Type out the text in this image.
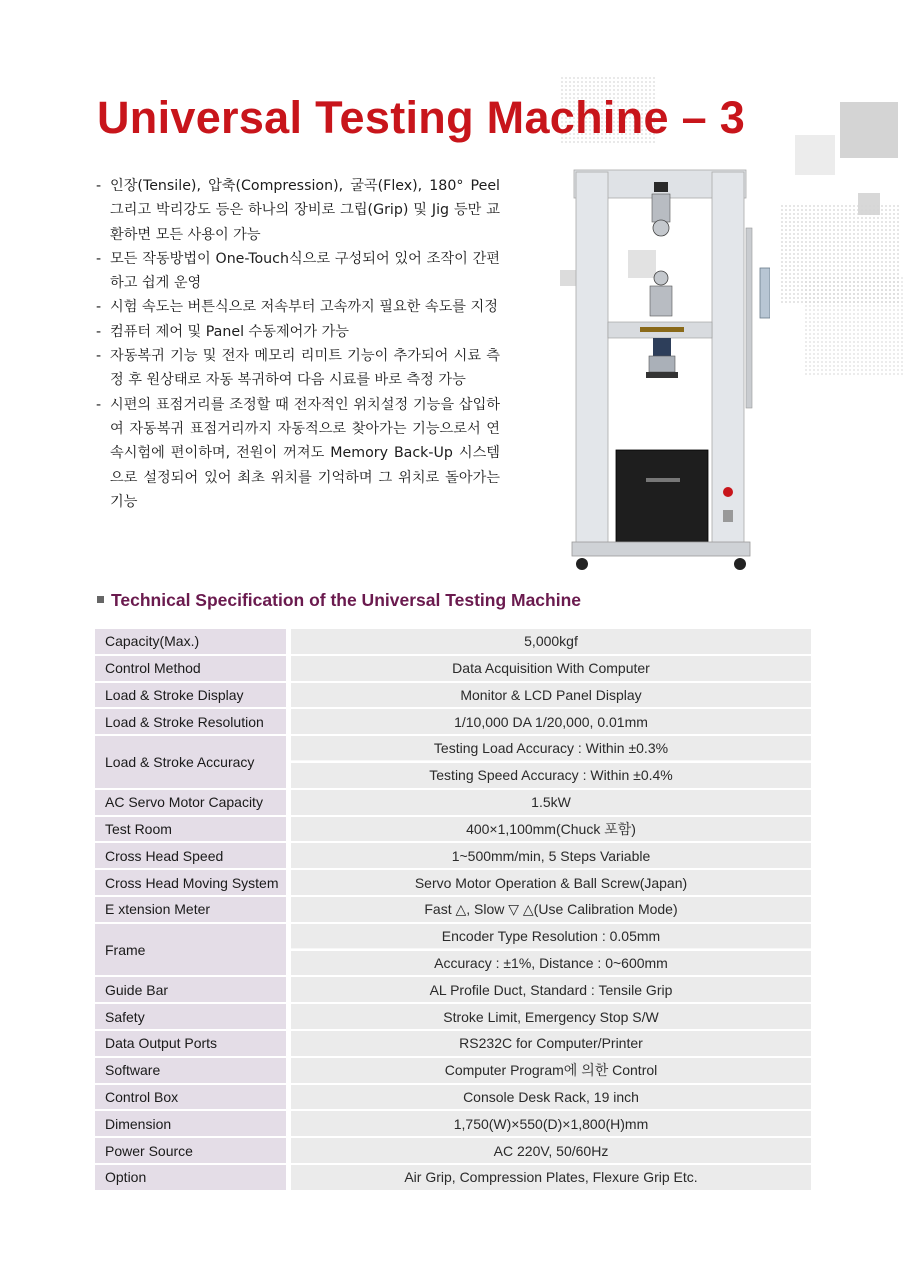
Universal Testing Machine – 3
- 인장(Tensile), 압축(Compression), 굴곡(Flex), 180° Peel 그리고 박리강도 등은 하나의 장비로 그립(Grip) 및 Jig 등만 교환하면 모든 사용이 가능
- 모든 작동방법이 One-Touch식으로 구성되어 있어 조작이 간편하고 쉽게 운영
- 시험 속도는 버튼식으로 저속부터 고속까지 필요한 속도를 지정
- 컴퓨터 제어 및 Panel 수동제어가 가능
- 자동복귀 기능 및 전자 메모리 리미트 기능이 추가되어 시료 측정 후 원상태로 자동 복귀하여 다음 시료를 바로 측정 가능
- 시편의 표점거리를 조정할 때 전자적인 위치설정 기능을 삽입하여 자동복귀 표점거리까지 자동적으로 찾아가는 기능으로서 연속시험에 편이하며, 전원이 꺼져도 Memory Back-Up 시스템으로 설정되어 있어 최초 위치를 기억하며 그 위치로 돌아가는 기능
Technical Specification of the Universal Testing Machine
Capacity(Max.)	5,000kgf
Control Method	Data Acquisition With Computer
Load & Stroke Display	Monitor & LCD Panel Display
Load & Stroke Resolution	1/10,000 DA 1/20,000, 0.01mm
Load & Stroke Accuracy	Testing Load Accuracy : Within ±0.3%
	Testing Speed Accuracy : Within ±0.4%
AC Servo Motor Capacity	1.5kW
Test Room	400×1,100mm(Chuck 포함)
Cross Head Speed	1~500mm/min, 5 Steps Variable
Cross Head Moving System	Servo Motor Operation & Ball Screw(Japan)
E xtension Meter	Fast △, Slow ▽ △(Use Calibration Mode)
Frame	Encoder Type Resolution : 0.05mm
	Accuracy : ±1%, Distance : 0~600mm
Guide Bar	AL Profile Duct, Standard : Tensile Grip
Safety	Stroke Limit, Emergency Stop S/W
Data Output Ports	RS232C for Computer/Printer
Software	Computer Program에 의한 Control
Control Box	Console Desk Rack, 19 inch
Dimension	1,750(W)×550(D)×1,800(H)mm
Power Source	AC 220V, 50/60Hz
Option	Air Grip, Compression Plates, Flexure Grip Etc.
